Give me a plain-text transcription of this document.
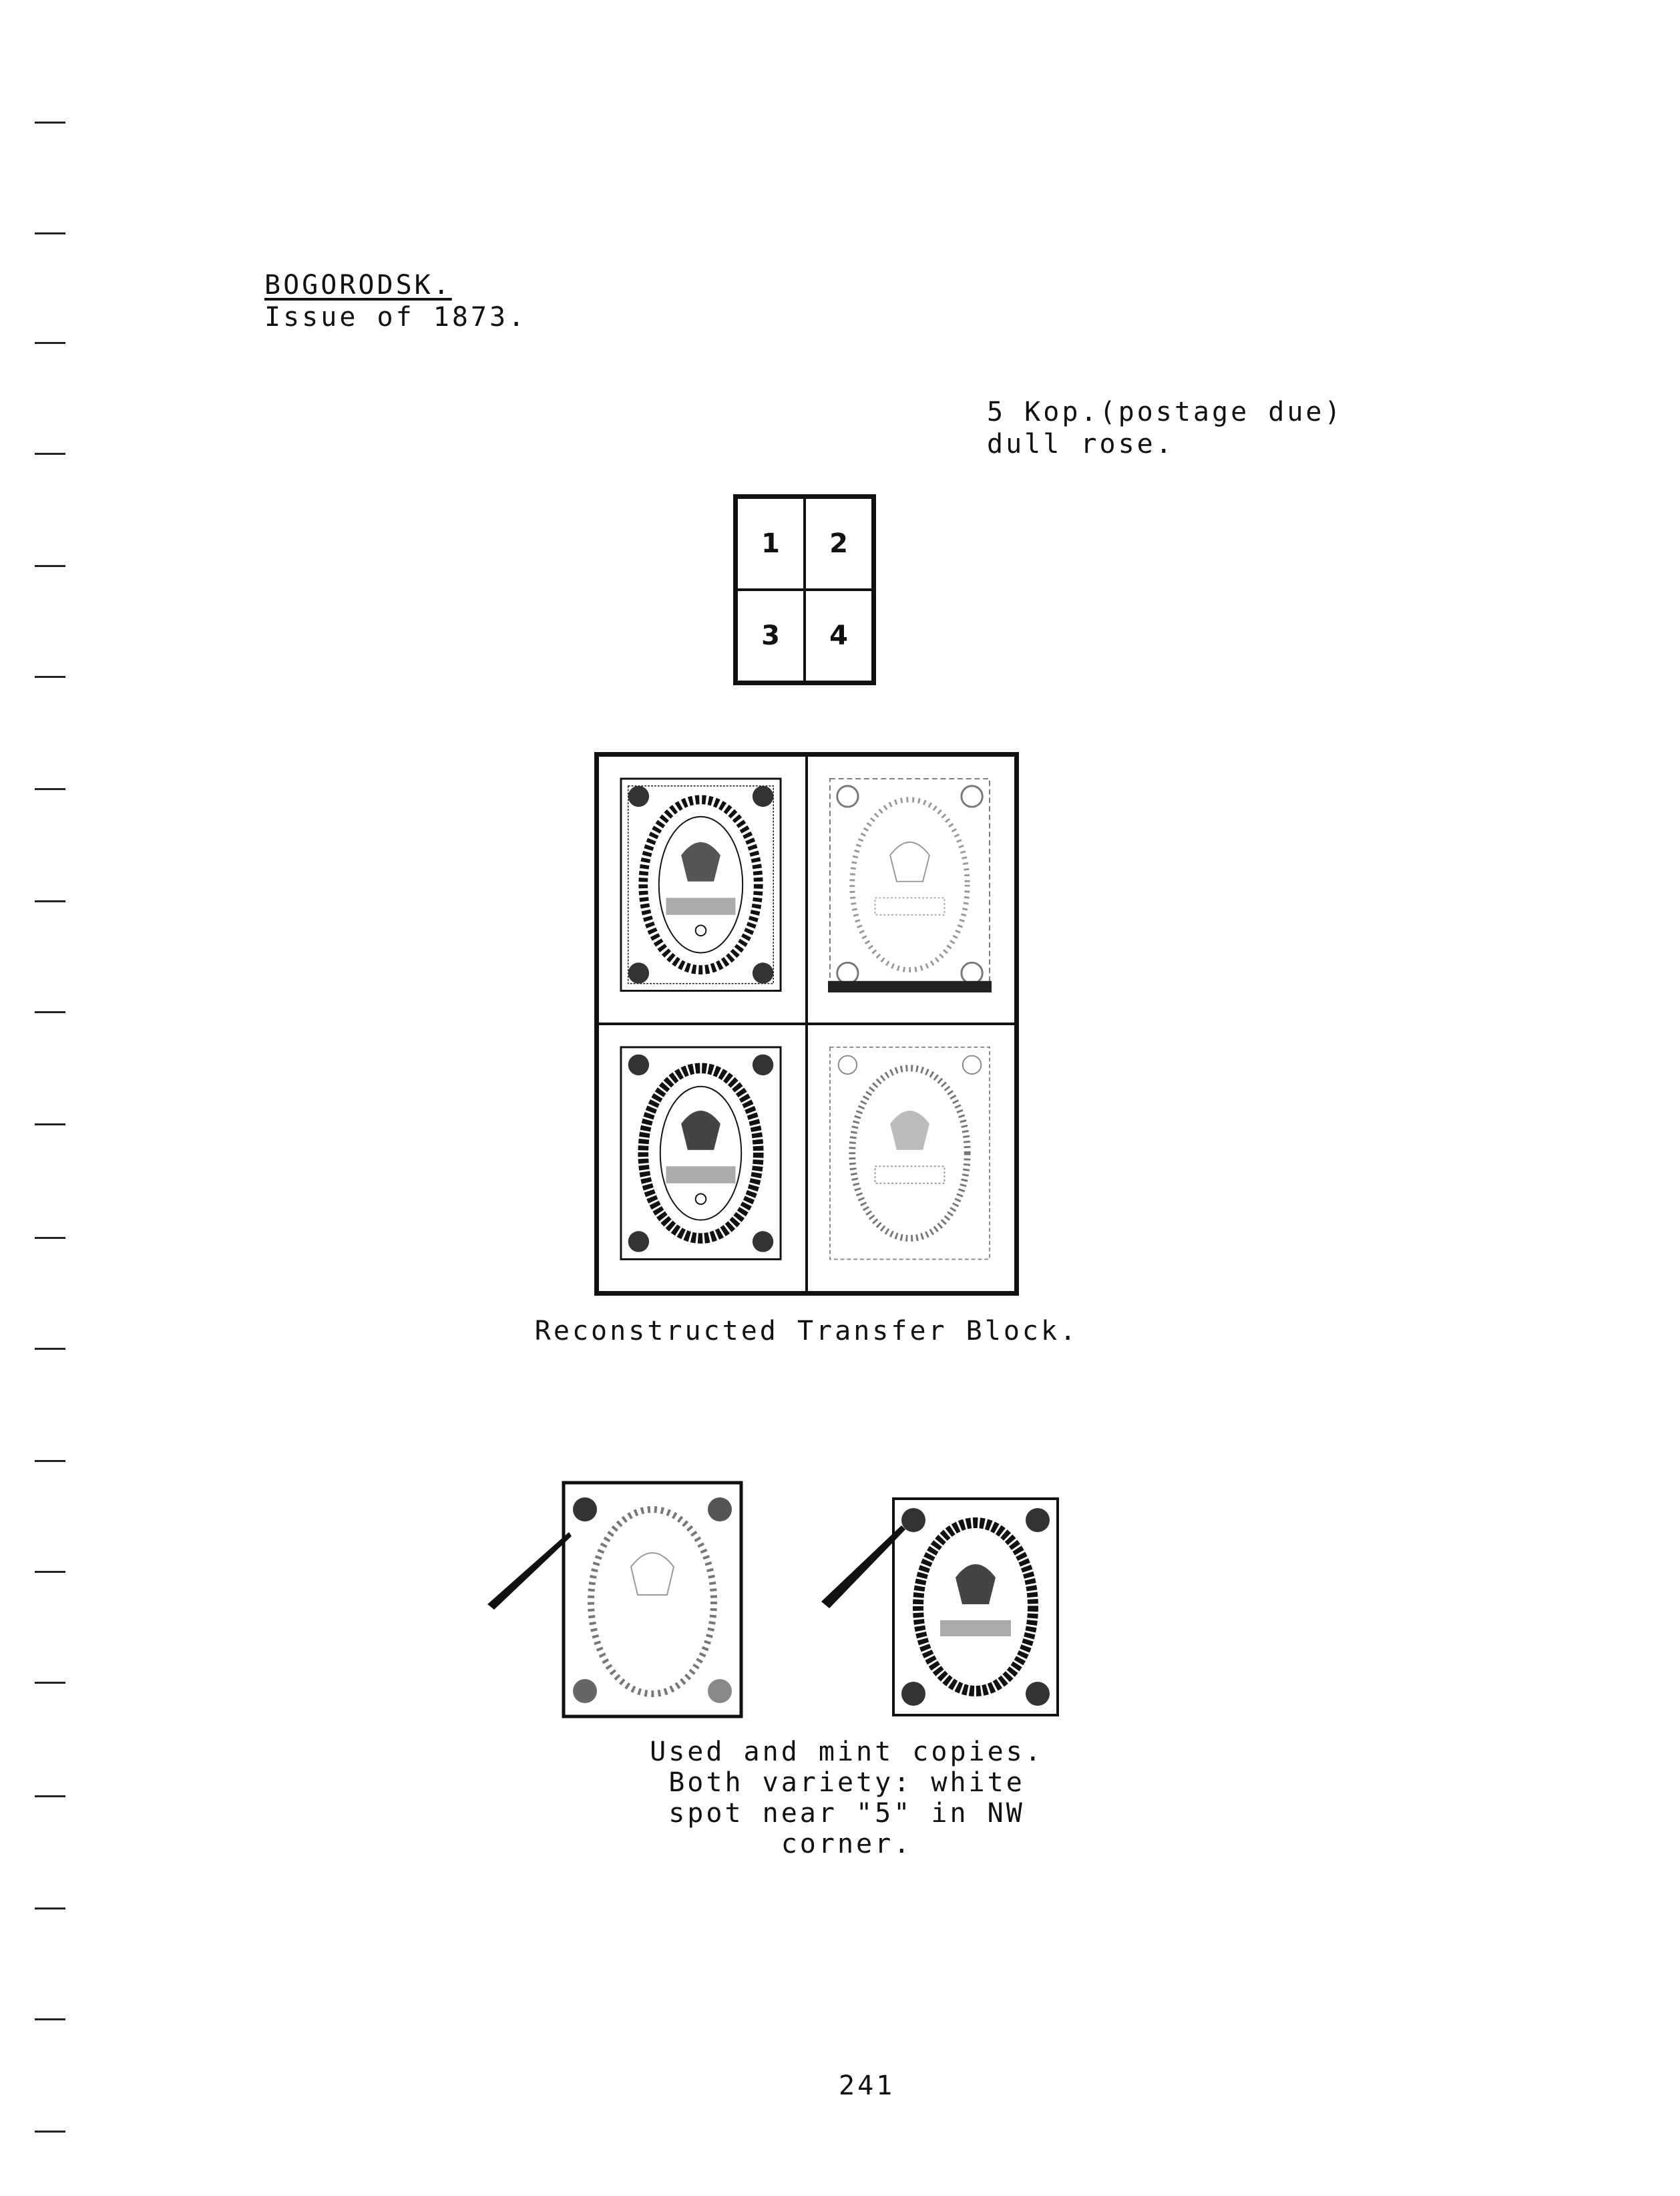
BOGORODSK.
Issue of 1873.
5 Kop.(postage due)
dull rose.
1	2
3	4
Reconstructed Transfer Block.
Used and mint copies.
Both variety: white
spot near "5" in NW
corner.
241
